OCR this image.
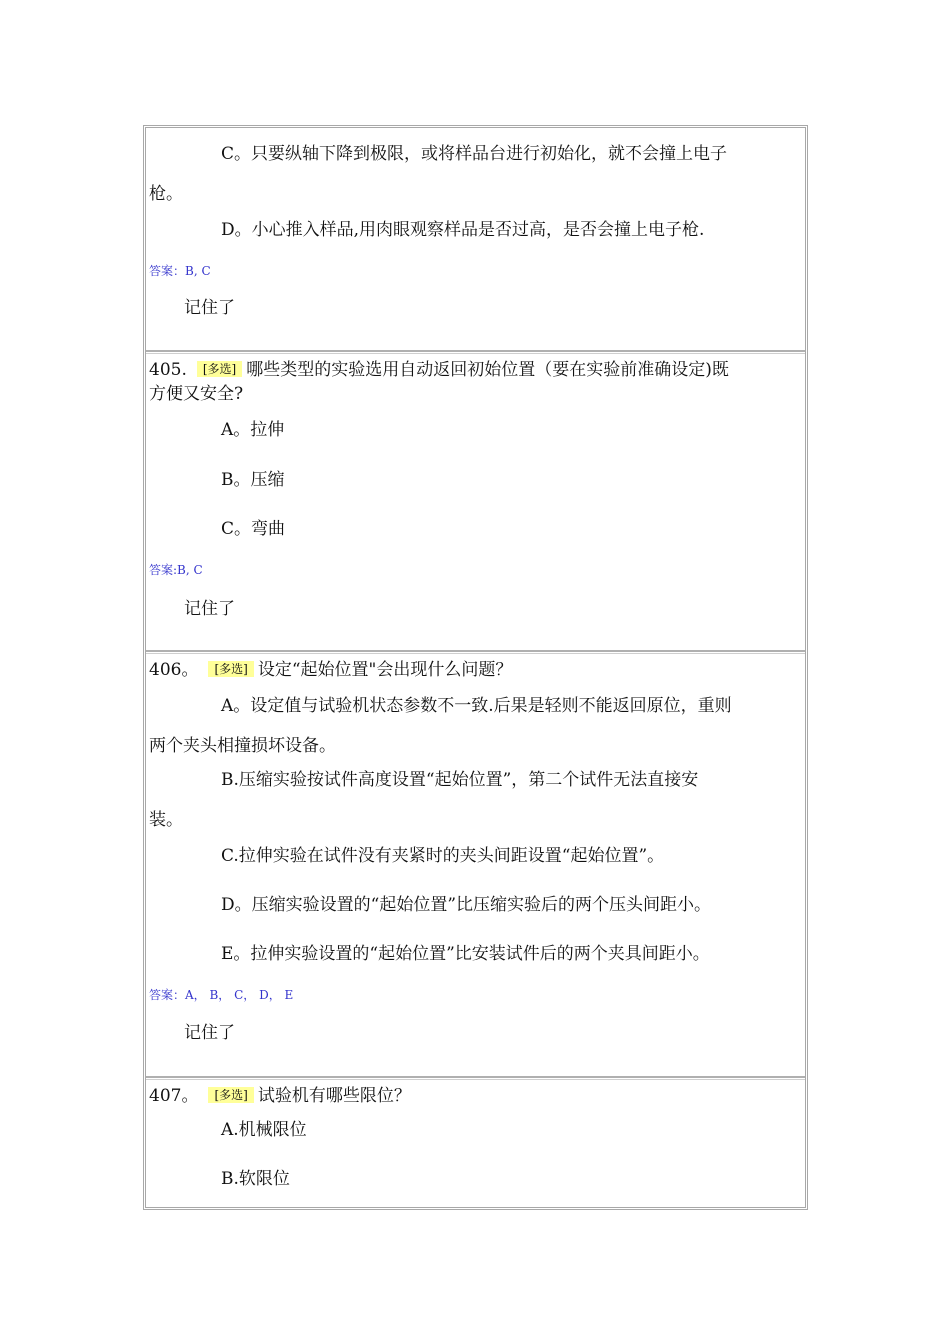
C。只要纵轴下降到极限，或将样品台进行初始化，就不会撞上电子
枪。
D。小心推入样品,用肉眼观察样品是否过高，是否会撞上电子枪.
答案：B, C
记住了
405. [多选] 哪些类型的实验选用自动返回初始位置（要在实验前准确设定)既
方便又安全?
A。拉伸
B。压缩
C。弯曲
答案:B, C
记住了
406。 [多选] 设定“起始位置"会出现什么问题？
A。设定值与试验机状态参数不一致.后果是轻则不能返回原位，重则
两个夹头相撞损坏设备。
B.压缩实验按试件高度设置“起始位置”，第二个试件无法直接安
装。
C.拉伸实验在试件没有夹紧时的夹头间距设置“起始位置”。
D。压缩实验设置的“起始位置”比压缩实验后的两个压头间距小。
E。拉伸实验设置的“起始位置”比安装试件后的两个夹具间距小。
答案：A， B， C， D， E
记住了
407。 [多选] 试验机有哪些限位？
A.机械限位
B.软限位
